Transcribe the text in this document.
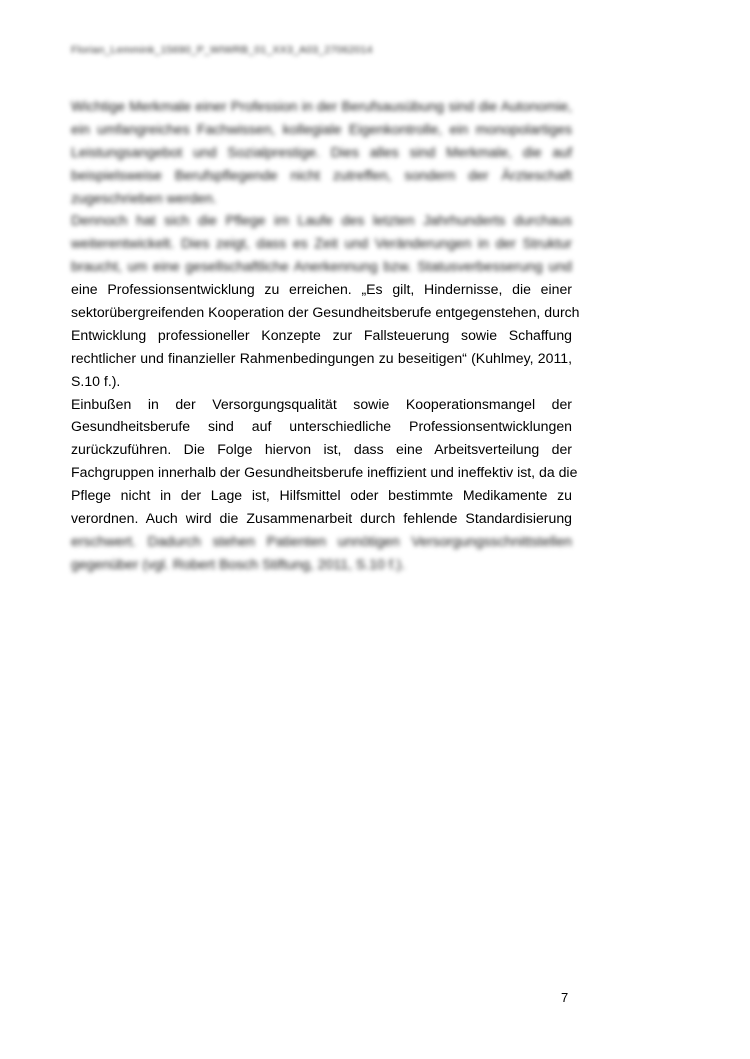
Florian_Lemmink_15690_P_WIWRB_01_XX3_A03_27062014
Wichtige Merkmale einer Profession in der Berufsausübung sind die Autonomie,
ein umfangreiches Fachwissen, kollegiale Eigenkontrolle, ein monopolartiges
Leistungsangebot und Sozialprestige. Dies alles sind Merkmale, die auf
beispielsweise Berufspflegende nicht zutreffen, sondern der Ärzteschaft
zugeschrieben werden.
Dennoch hat sich die Pflege im Laufe des letzten Jahrhunderts durchaus
weiterentwickelt. Dies zeigt, dass es Zeit und Veränderungen in der Struktur
braucht, um eine gesellschaftliche Anerkennung bzw. Statusverbesserung und
eine Professionsentwicklung zu erreichen. „Es gilt, Hindernisse, die einer
sektorübergreifenden Kooperation der Gesundheitsberufe entgegenstehen, durch
Entwicklung professioneller Konzepte zur Fallsteuerung sowie Schaffung
rechtlicher und finanzieller Rahmenbedingungen zu beseitigen“ (Kuhlmey, 2011,
S.10 f.).
Einbußen in der Versorgungsqualität sowie Kooperationsmangel der
Gesundheitsberufe sind auf unterschiedliche Professionsentwicklungen
zurückzuführen. Die Folge hiervon ist, dass eine Arbeitsverteilung der
Fachgruppen innerhalb der Gesundheitsberufe ineffizient und ineffektiv ist, da die
Pflege nicht in der Lage ist, Hilfsmittel oder bestimmte Medikamente zu
verordnen. Auch wird die Zusammenarbeit durch fehlende Standardisierung
erschwert. Dadurch stehen Patienten unnötigen Versorgungsschnittstellen
gegenüber (vgl. Robert Bosch Stiftung, 2011, S.10 f.).
7
